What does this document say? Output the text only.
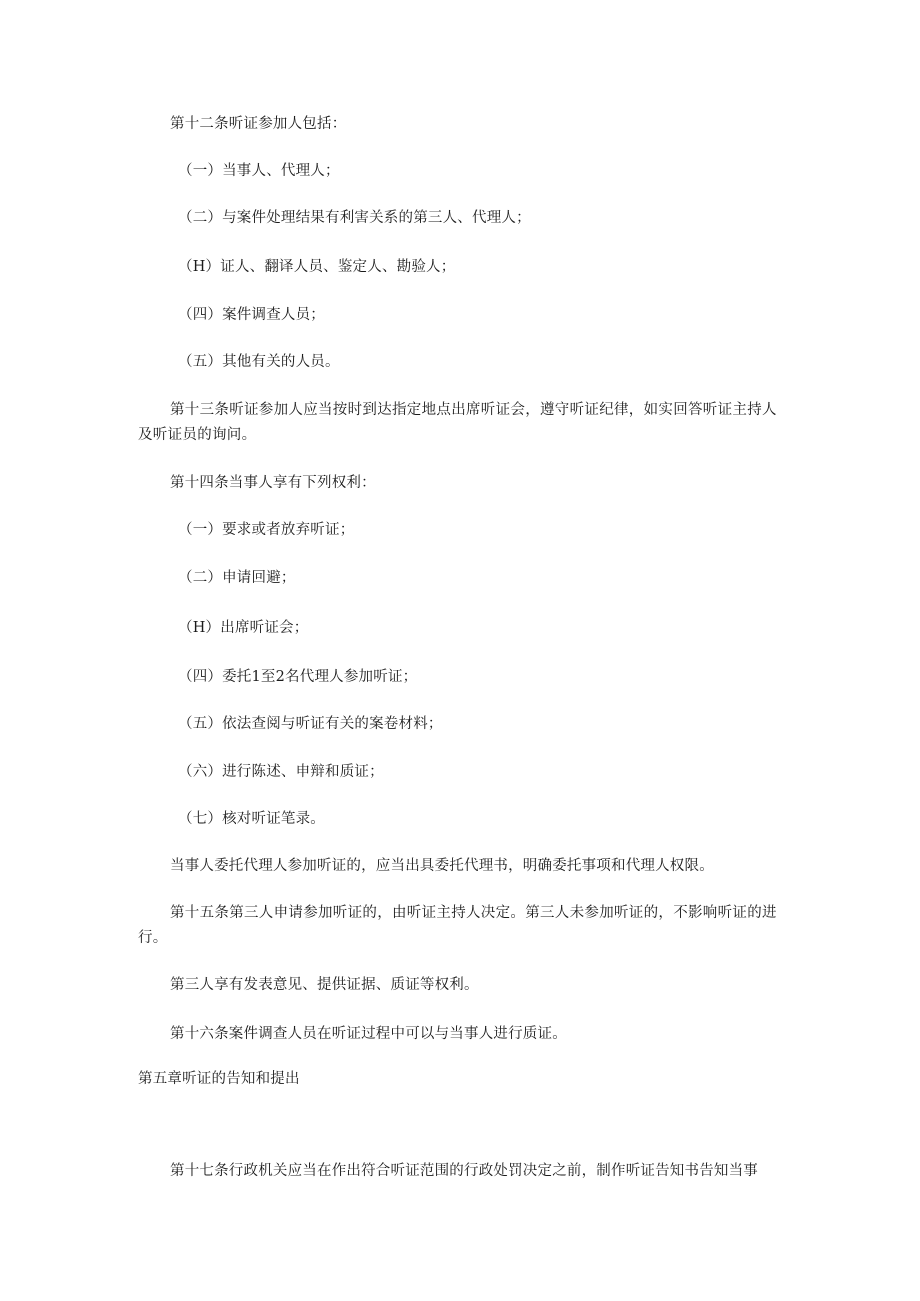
第十二条听证参加人包括：
（一）当事人、代理人；
（二）与案件处理结果有利害关系的第三人、代理人；
（H）证人、翻译人员、鉴定人、勘验人；
（四）案件调查人员；
（五）其他有关的人员。
第十三条听证参加人应当按时到达指定地点出席听证会，遵守听证纪律，如实回答听证主持人及听证员的询问。
第十四条当事人享有下列权利：
（一）要求或者放弃听证；
（二）申请回避；
（H）出席听证会；
（四）委托1至2名代理人参加听证；
（五）依法查阅与听证有关的案卷材料；
（六）进行陈述、申辩和质证；
（七）核对听证笔录。
当事人委托代理人参加听证的，应当出具委托代理书，明确委托事项和代理人权限。
第十五条第三人申请参加听证的，由听证主持人决定。第三人未参加听证的，不影响听证的进行。
第三人享有发表意见、提供证据、质证等权利。
第十六条案件调查人员在听证过程中可以与当事人进行质证。
第五章听证的告知和提出
第十七条行政机关应当在作出符合听证范围的行政处罚决定之前，制作听证告知书告知当事
